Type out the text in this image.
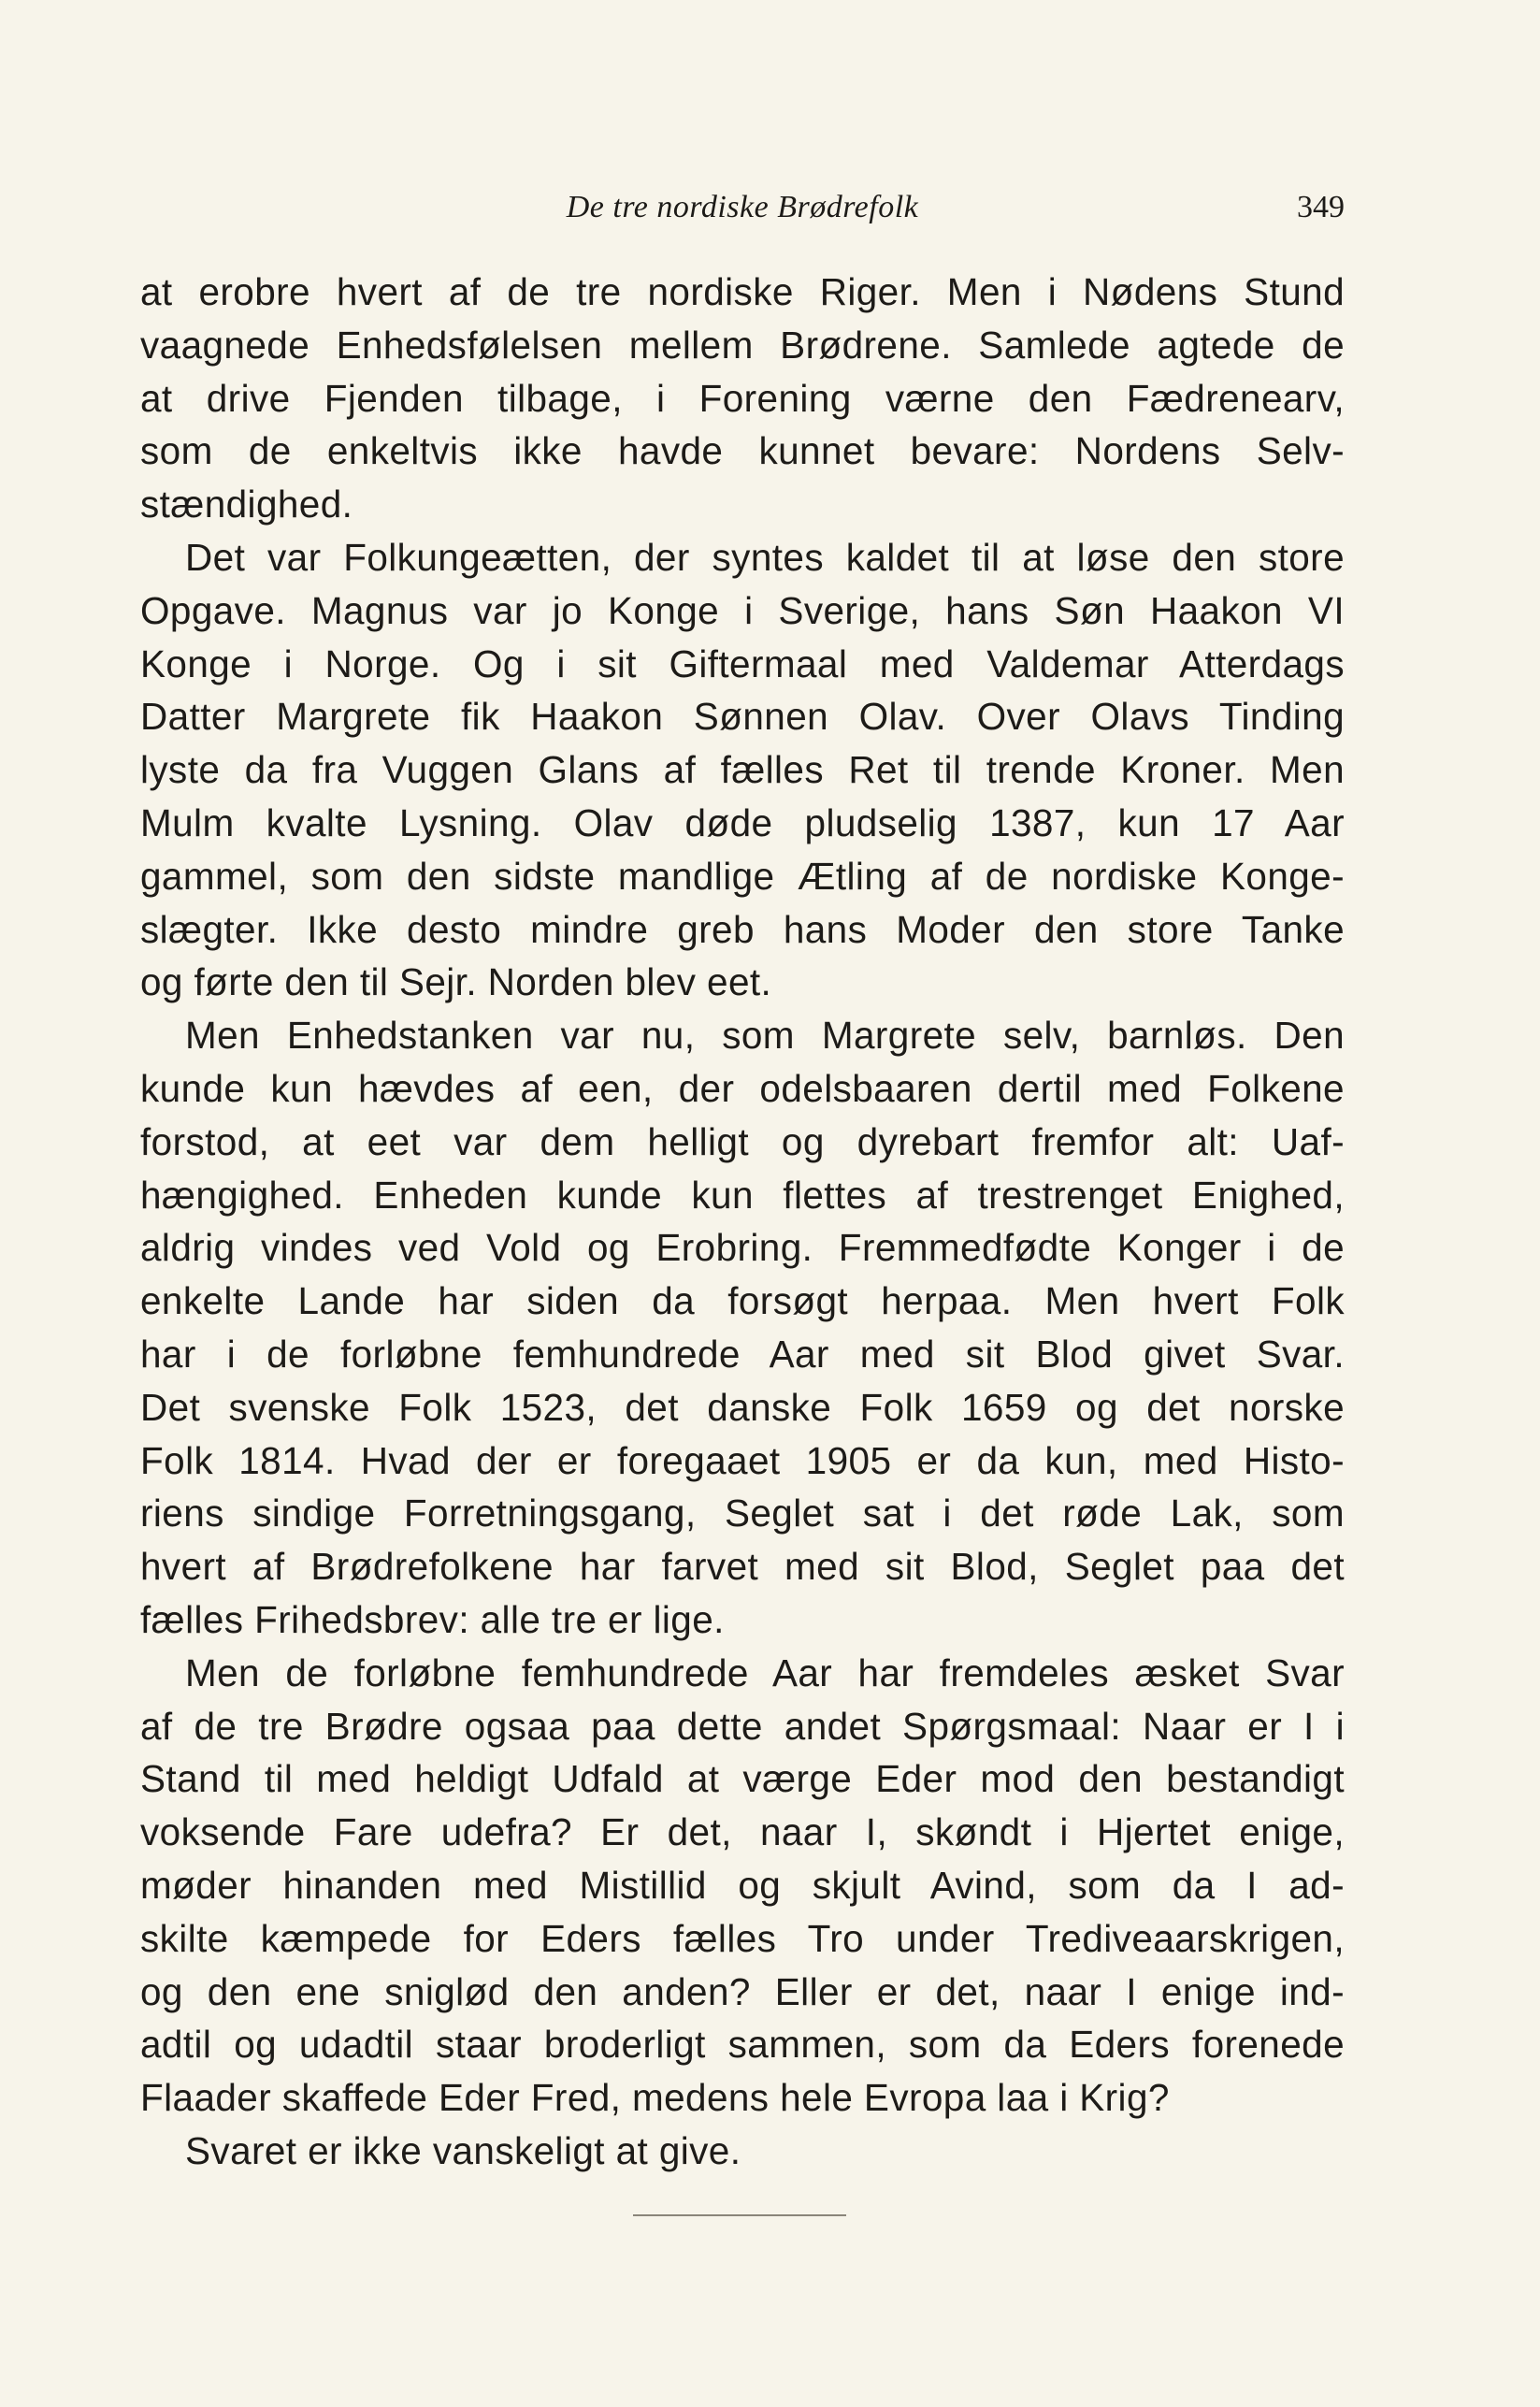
De tre nordiske Brødrefolk	349

at erobre hvert af de tre nordiske Riger. Men i Nødens Stund

vaagnede Enhedsfølelsen mellem Brødrene. Samlede agtede de

at drive Fjenden tilbage, i Forening værne den Fædrenearv,

som de enkeltvis ikke havde kunnet bevare: Nordens Selv-

stændighed.

Det var Folkungeætten, der syntes kaldet til at løse den store

Opgave. Magnus var jo Konge i Sverige, hans Søn Haakon VI

Konge i Norge. Og i sit Giftermaal med Valdemar Atterdags

Datter Margrete fik Haakon Sønnen Olav. Over Olavs Tinding

lyste da fra Vuggen Glans af fælles Ret til trende Kroner. Men

Mulm kvalte Lysning. Olav døde pludselig 1387, kun 17 Aar

gammel, som den sidste mandlige Ætling af de nordiske Konge-

slægter. Ikke desto mindre greb hans Moder den store Tanke

og førte den til Sejr. Norden blev eet.

Men Enhedstanken var nu, som Margrete selv, barnløs. Den

kunde kun hævdes af een, der odelsbaaren dertil med Folkene

forstod, at eet var dem helligt og dyrebart fremfor alt: Uaf-

hængighed. Enheden kunde kun flettes af trestrenget Enighed,

aldrig vindes ved Vold og Erobring. Fremmedfødte Konger i de

enkelte Lande har siden da forsøgt herpaa. Men hvert Folk

har i de forløbne femhundrede Aar med sit Blod givet Svar.

Det svenske Folk 1523, det danske Folk 1659 og det norske

Folk 1814. Hvad der er foregaaet 1905 er da kun, med Histo-

riens sindige Forretningsgang, Seglet sat i det røde Lak, som

hvert af Brødrefolkene har farvet med sit Blod, Seglet paa det

fælles Frihedsbrev: alle tre er lige.

Men de forløbne femhundrede Aar har fremdeles æsket Svar

af de tre Brødre ogsaa paa dette andet Spørgsmaal: Naar er I i

Stand til med heldigt Udfald at værge Eder mod den bestandigt

voksende Fare udefra? Er det, naar I, skøndt i Hjertet enige,

møder hinanden med Mistillid og skjult Avind, som da I ad-

skilte kæmpede for Eders fælles Tro under Trediveaarskrigen,

og den ene sniglød den anden? Eller er det, naar I enige ind-

adtil og udadtil staar broderligt sammen, som da Eders forenede

Flaader skaffede Eder Fred, medens hele Evropa laa i Krig?

Svaret er ikke vanskeligt at give.
